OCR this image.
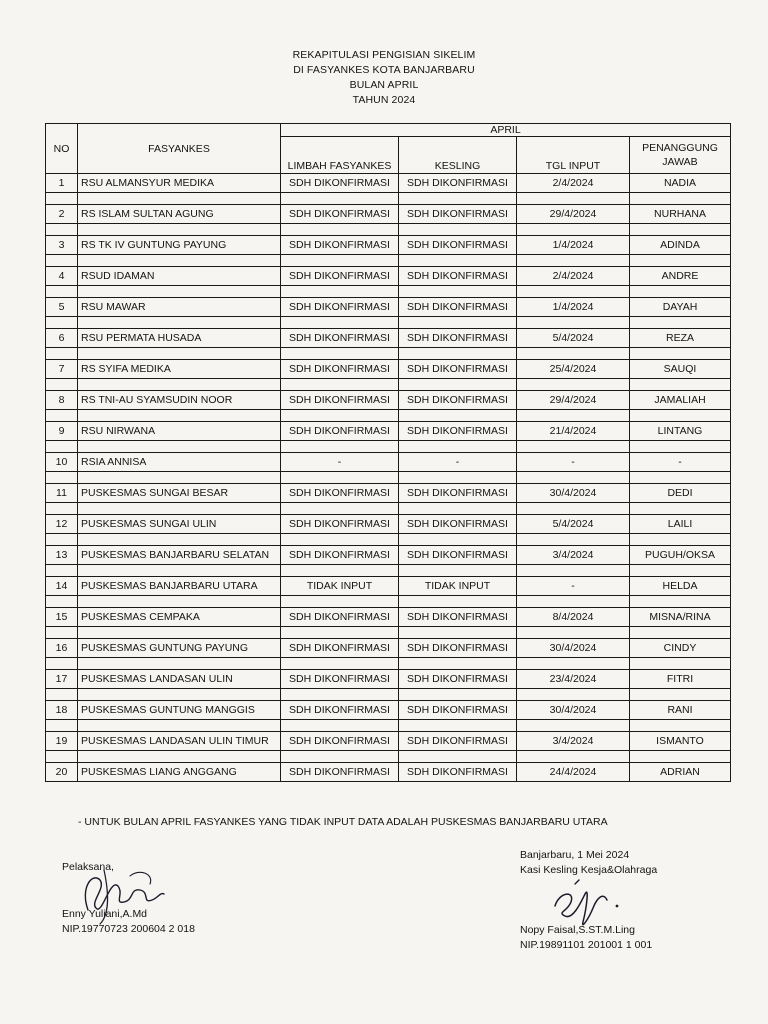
REKAPITULASI PENGISIAN SIKELIM
DI FASYANKES KOTA BANJARBARU
BULAN APRIL
TAHUN 2024
NO	FASYANKES	APRIL			
		LIMBAH FASYANKES	KESLING	TGL INPUT	PENANGGUNG
JAWAB

1	RSU ALMANSYUR MEDIKA	SDH DIKONFIRMASI	SDH DIKONFIRMASI	2/4/2024	NADIA

2	RS ISLAM SULTAN AGUNG	SDH DIKONFIRMASI	SDH DIKONFIRMASI	29/4/2024	NURHANA

3	RS TK IV GUNTUNG PAYUNG	SDH DIKONFIRMASI	SDH DIKONFIRMASI	1/4/2024	ADINDA

4	RSUD IDAMAN	SDH DIKONFIRMASI	SDH DIKONFIRMASI	2/4/2024	ANDRE

5	RSU MAWAR	SDH DIKONFIRMASI	SDH DIKONFIRMASI	1/4/2024	DAYAH

6	RSU PERMATA HUSADA	SDH DIKONFIRMASI	SDH DIKONFIRMASI	5/4/2024	REZA

7	RS SYIFA MEDIKA	SDH DIKONFIRMASI	SDH DIKONFIRMASI	25/4/2024	SAUQI

8	RS TNI-AU SYAMSUDIN NOOR	SDH DIKONFIRMASI	SDH DIKONFIRMASI	29/4/2024	JAMALIAH

9	RSU NIRWANA	SDH DIKONFIRMASI	SDH DIKONFIRMASI	21/4/2024	LINTANG

10	RSIA ANNISA	-	-	-	-

11	PUSKESMAS SUNGAI BESAR	SDH DIKONFIRMASI	SDH DIKONFIRMASI	30/4/2024	DEDI

12	PUSKESMAS SUNGAI ULIN	SDH DIKONFIRMASI	SDH DIKONFIRMASI	5/4/2024	LAILI

13	PUSKESMAS BANJARBARU SELATAN	SDH DIKONFIRMASI	SDH DIKONFIRMASI	3/4/2024	PUGUH/OKSA

14	PUSKESMAS BANJARBARU UTARA	TIDAK INPUT	TIDAK INPUT	-	HELDA

15	PUSKESMAS CEMPAKA	SDH DIKONFIRMASI	SDH DIKONFIRMASI	8/4/2024	MISNA/RINA

16	PUSKESMAS GUNTUNG PAYUNG	SDH DIKONFIRMASI	SDH DIKONFIRMASI	30/4/2024	CINDY

17	PUSKESMAS LANDASAN ULIN	SDH DIKONFIRMASI	SDH DIKONFIRMASI	23/4/2024	FITRI

18	PUSKESMAS GUNTUNG MANGGIS	SDH DIKONFIRMASI	SDH DIKONFIRMASI	30/4/2024	RANI

19	PUSKESMAS LANDASAN ULIN TIMUR	SDH DIKONFIRMASI	SDH DIKONFIRMASI	3/4/2024	ISMANTO

20	PUSKESMAS LIANG ANGGANG	SDH DIKONFIRMASI	SDH DIKONFIRMASI	24/4/2024	ADRIAN
- UNTUK BULAN APRIL FASYANKES YANG TIDAK INPUT DATA ADALAH PUSKESMAS BANJARBARU UTARA
Pelaksana,
Enny Yuliani,A.Md
NIP.19770723 200604 2 018
Banjarbaru, 1 Mei 2024
Kasi Kesling Kesja&Olahraga
Nopy Faisal,S.ST.M.Ling
NIP.19891101 201001 1 001
